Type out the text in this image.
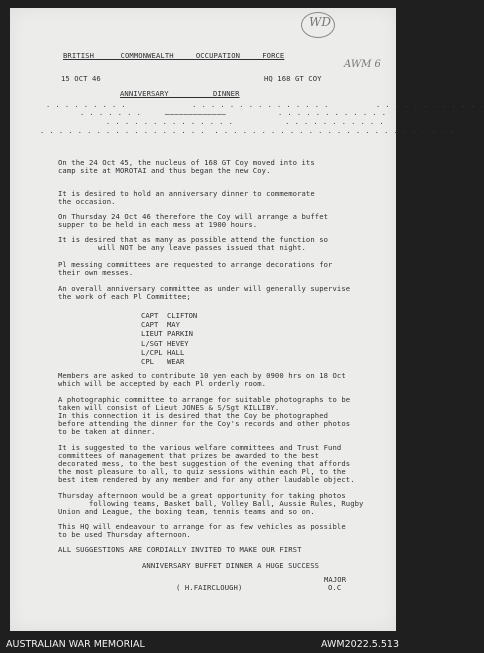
WD
AWM 6
BRITISH      COMMONWEALTH     OCCUPATION     FORCE
15 OCT 46	HQ 168 GT COY
ANNIVERSARY          DINNER
· · · · · · · · ·              · · · · · · · · · · · · · · ·          · · · · · · · · · · · ·
· · · · · · ·     ─────────────           · · · · · · · · · · · ·
· · · · · · · · · · · · · ·           · · · · · · · · · · ·
· · · · · · · · · · · · · · · · · ·  · · · · · · · · · · · · · · · · · · · · · · · · · ·
On the 24 Oct 45, the nucleus of 168 GT Coy moved into its
camp site at MOROTAI and thus began the new Coy.
It is desired to hold an anniversary dinner to commemorate
the occasion.
On Thursday 24 Oct 46 therefore the Coy will arrange a buffet
supper to be held in each mess at 1900 hours.
It is desired that as many as possible attend the function so
will NOT be any leave passes issued that night.
Pl messing committees are requested to arrange decorations for
their own messes.
An overall anniversary committee as under will generally supervise
the work of each Pl Committee;
CAPT  CLIFTON
CAPT  MAY
LIEUT PARKIN
L/SGT HEVEY
L/CPL HALL
CPL   WEAR
Members are asked to contribute 10 yen each by 0900 hrs on 18 Oct
which will be accepted by each Pl orderly room.
A photographic committee to arrange for suitable photographs to be
taken will consist of Lieut JONES & S/Sgt KILLIBY.
In this connection it is desired that the Coy be photographed
before attending the dinner for the Coy's records and other photos
to be taken at dinner.
It is suggested to the various welfare committees and Trust Fund
committees of management that prizes be awarded to the best
decorated mess, to the best suggestion of the evening that affords
the most pleasure to all, to quiz sessions within each Pl, to the
best item rendered by any member and for any other laudable object.
Thursday afternoon would be a great opportunity for taking photos
following teams, Basket ball, Volley Ball, Aussie Rules, Rugby
Union and League, the boxing team, tennis teams and so on.
This HQ will endeavour to arrange for as few vehicles as possible
to be used Thursday afternoon.
ALL SUGGESTIONS ARE CORDIALLY INVITED TO MAKE OUR FIRST
ANNIVERSARY BUFFET DINNER A HUGE SUCCESS
MAJOR
( H.FAIRCLOUGH)	O.C
AUSTRALIAN WAR MEMORIAL	AWM2022.5.513
